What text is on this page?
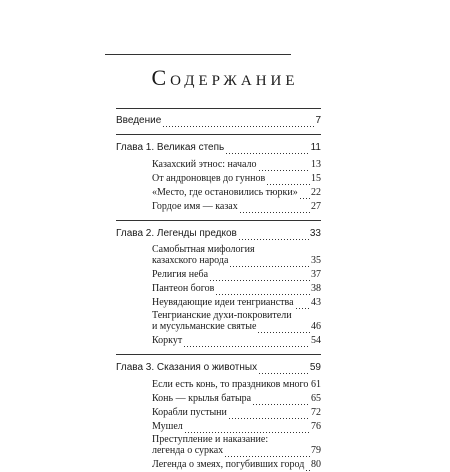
Содержание
Введение	7
Глава 1. Великая степь	11
Казахский этнос: начало	13
От андроновцев до гуннов	15
«Место, где остановились тюрки» 22
Гордое имя — казах	27
Глава 2. Легенды предков	33
Самобытная мифология
казахского народа	35
Религия неба	37
Пантеон богов	38
Неувядающие идеи тенгрианства 43
Тенгрианские духи-покровители
и мусульманские святые	46
Коркут	54
Глава 3. Сказания о животных	59
Если есть конь, то праздников много 61
Конь — крылья батыра	65
Корабли пустыни	72
Мушел	76
Преступление и наказание:
легенда о сурках	79
Легенда о змеях, погубивших город 80
